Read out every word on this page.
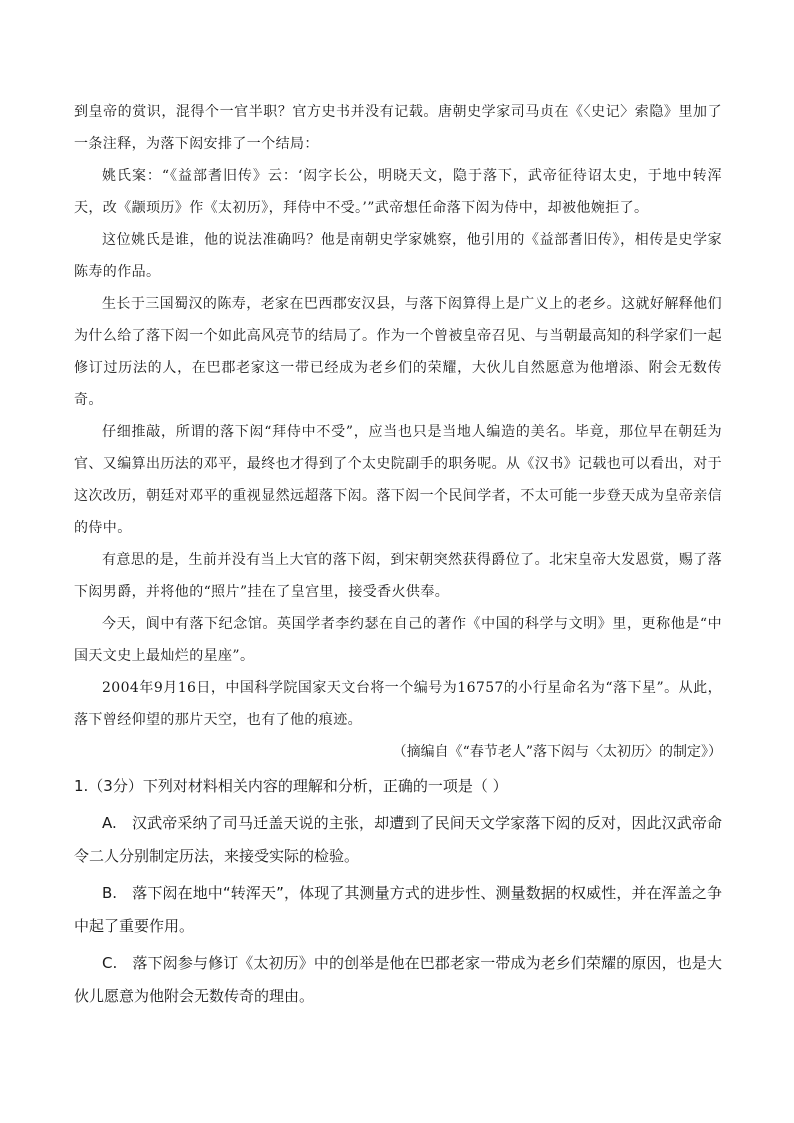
到皇帝的赏识，混得个一官半职？官方史书并没有记载。唐朝史学家司马贞在《〈史记〉索隐》里加了一条注释，为落下闳安排了一个结局：

姚氏案：“《益部耆旧传》云：‘闳字长公，明晓天文，隐于落下，武帝征待诏太史，于地中转浑天，改《颛顼历》作《太初历》，拜侍中不受。’”武帝想任命落下闳为侍中，却被他婉拒了。

这位姚氏是谁，他的说法准确吗？他是南朝史学家姚察，他引用的《益部耆旧传》，相传是史学家陈寿的作品。

生长于三国蜀汉的陈寿，老家在巴西郡安汉县，与落下闳算得上是广义上的老乡。这就好解释他们为什么给了落下闳一个如此高风亮节的结局了。作为一个曾被皇帝召见、与当朝最高知的科学家们一起修订过历法的人，在巴郡老家这一带已经成为老乡们的荣耀，大伙儿自然愿意为他增添、附会无数传奇。

仔细推敲，所谓的落下闳“拜侍中不受”，应当也只是当地人编造的美名。毕竟，那位早在朝廷为官、又编算出历法的邓平，最终也才得到了个太史院副手的职务呢。从《汉书》记载也可以看出，对于这次改历，朝廷对邓平的重视显然远超落下闳。落下闳一个民间学者，不太可能一步登天成为皇帝亲信的侍中。

有意思的是，生前并没有当上大官的落下闳，到宋朝突然获得爵位了。北宋皇帝大发恩赏，赐了落下闳男爵，并将他的“照片”挂在了皇宫里，接受香火供奉。

今天，阆中有落下纪念馆。英国学者李约瑟在自己的著作《中国的科学与文明》里，更称他是“中国天文史上最灿烂的星座”。

2004年9月16日，中国科学院国家天文台将一个编号为16757的小行星命名为“落下星”。从此，落下曾经仰望的那片天空，也有了他的痕迹。

（摘编自《“春节老人”落下闳与〈太初历〉的制定》）

1.（3分）下列对材料相关内容的理解和分析，正确的一项是（ ）

A.　汉武帝采纳了司马迁盖天说的主张，却遭到了民间天文学家落下闳的反对，因此汉武帝命令二人分别制定历法，来接受实际的检验。

B.　落下闳在地中“转浑天”，体现了其测量方式的进步性、测量数据的权威性，并在浑盖之争中起了重要作用。

C.　落下闳参与修订《太初历》中的创举是他在巴郡老家一带成为老乡们荣耀的原因，也是大伙儿愿意为他附会无数传奇的理由。
